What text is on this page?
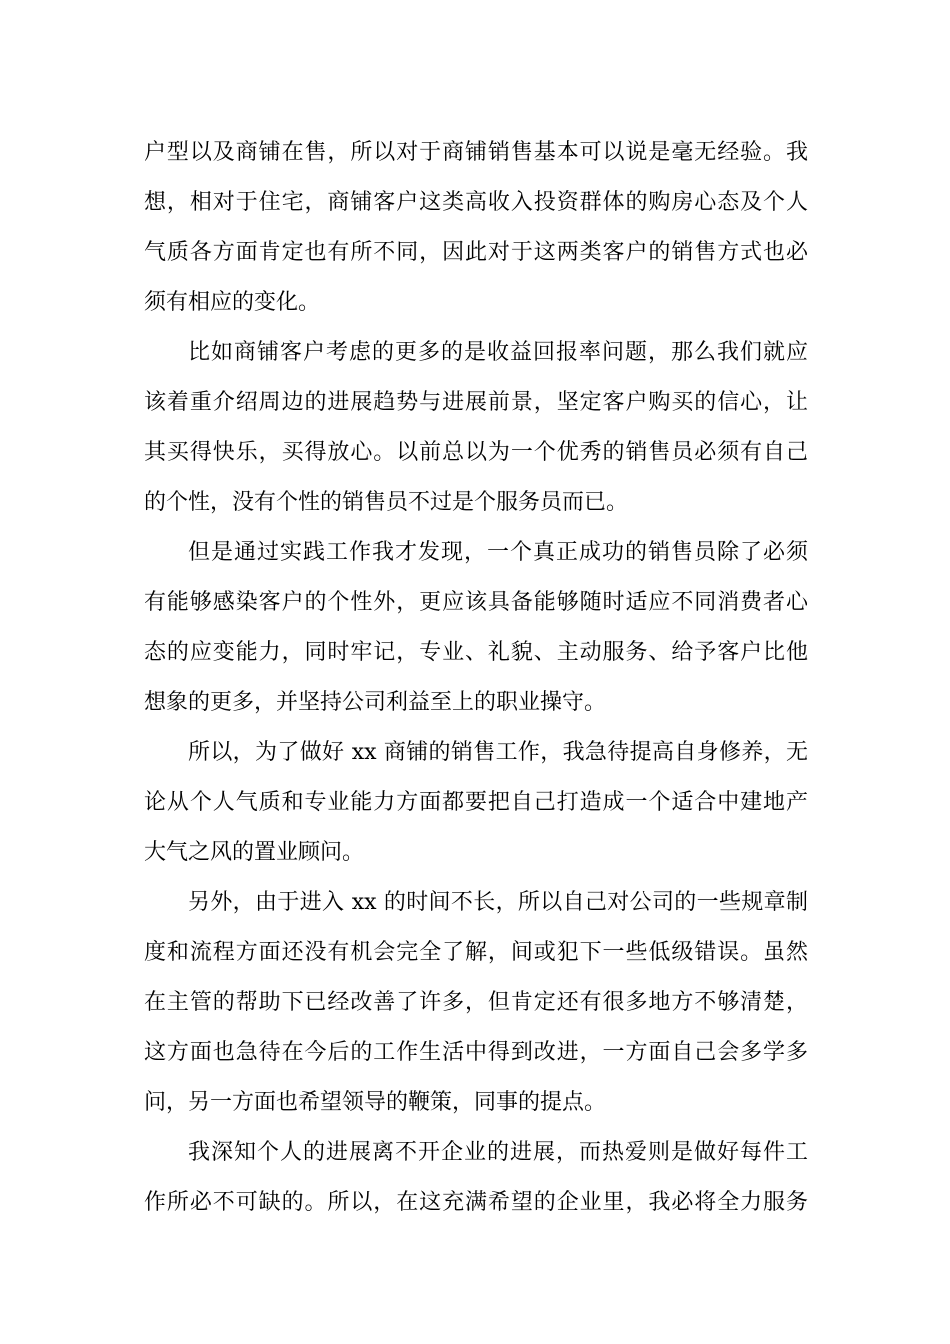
户型以及商铺在售，所以对于商铺销售基本可以说是毫无经验。我
想，相对于住宅，商铺客户这类高收入投资群体的购房心态及个人
气质各方面肯定也有所不同，因此对于这两类客户的销售方式也必
须有相应的变化。
比如商铺客户考虑的更多的是收益回报率问题，那么我们就应
该着重介绍周边的进展趋势与进展前景，坚定客户购买的信心，让
其买得快乐，买得放心。以前总以为一个优秀的销售员必须有自己
的个性，没有个性的销售员不过是个服务员而已。
但是通过实践工作我才发现，一个真正成功的销售员除了必须
有能够感染客户的个性外，更应该具备能够随时适应不同消费者心
态的应变能力，同时牢记，专业、礼貌、主动服务、给予客户比他
想象的更多，并坚持公司利益至上的职业操守。
所以，为了做好 xx 商铺的销售工作，我急待提高自身修养，无
论从个人气质和专业能力方面都要把自己打造成一个适合中建地产
大气之风的置业顾问。
另外，由于进入 xx 的时间不长，所以自己对公司的一些规章制
度和流程方面还没有机会完全了解，间或犯下一些低级错误。虽然
在主管的帮助下已经改善了许多，但肯定还有很多地方不够清楚，
这方面也急待在今后的工作生活中得到改进，一方面自己会多学多
问，另一方面也希望领导的鞭策，同事的提点。
我深知个人的进展离不开企业的进展，而热爱则是做好每件工
作所必不可缺的。所以，在这充满希望的企业里，我必将全力服务
